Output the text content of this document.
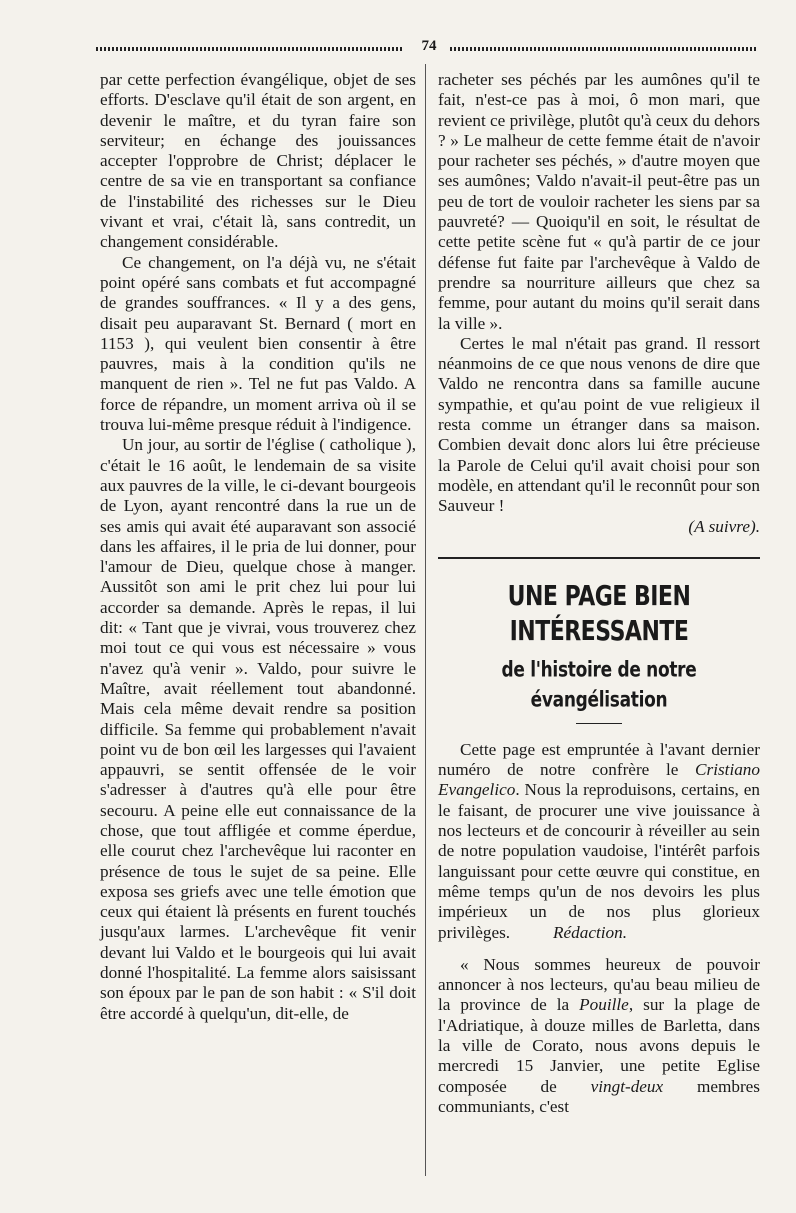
74

par cette perfection évangélique, objet de ses efforts. D'esclave qu'il était de son argent, en devenir le maître, et du tyran faire son serviteur; en échange des jouissances accepter l'opprobre de Christ; déplacer le centre de sa vie en transportant sa confiance de l'instabilité des richesses sur le Dieu vivant et vrai, c'était là, sans contredit, un changement considérable.

Ce changement, on l'a déjà vu, ne s'était point opéré sans combats et fut accompagné de grandes souffrances. « Il y a des gens, disait peu auparavant St. Bernard ( mort en 1153 ), qui veulent bien consentir à être pauvres, mais à la condition qu'ils ne manquent de rien ». Tel ne fut pas Valdo. A force de répandre, un moment arriva où il se trouva lui-même presque réduit à l'indigence.

Un jour, au sortir de l'église ( catholique ), c'était le 16 août, le lendemain de sa visite aux pauvres de la ville, le ci-devant bourgeois de Lyon, ayant rencontré dans la rue un de ses amis qui avait été auparavant son associé dans les affaires, il le pria de lui donner, pour l'amour de Dieu, quelque chose à manger. Aussitôt son ami le prit chez lui pour lui accorder sa demande. Après le repas, il lui dit: « Tant que je vivrai, vous trouverez chez moi tout ce qui vous est nécessaire » vous n'avez qu'à venir ». Valdo, pour suivre le Maître, avait réellement tout abandonné. Mais cela même devait rendre sa position difficile. Sa femme qui probablement n'avait point vu de bon œil les largesses qui l'avaient appauvri, se sentit offensée de le voir s'adresser à d'autres qu'à elle pour être secouru. A peine elle eut connaissance de la chose, que tout affligée et comme éperdue, elle courut chez l'archevêque lui raconter en présence de tous le sujet de sa peine. Elle exposa ses griefs avec une telle émotion que ceux qui étaient là présents en furent touchés jusqu'aux larmes. L'archevêque fit venir devant lui Valdo et le bourgeois qui lui avait donné l'hospitalité. La femme alors saisissant son époux par le pan de son habit : « S'il doit être accordé à quelqu'un, dit-elle, de

racheter ses péchés par les aumônes qu'il te fait, n'est-ce pas à moi, ô mon mari, que revient ce privilège, plutôt qu'à ceux du dehors ? » Le malheur de cette femme était de n'avoir pour racheter ses péchés, » d'autre moyen que ses aumônes; Valdo n'avait-il peut-être pas un peu de tort de vouloir racheter les siens par sa pauvreté? — Quoiqu'il en soit, le résultat de cette petite scène fut « qu'à partir de ce jour défense fut faite par l'archevêque à Valdo de prendre sa nourriture ailleurs que chez sa femme, pour autant du moins qu'il serait dans la ville ».

Certes le mal n'était pas grand. Il ressort néanmoins de ce que nous venons de dire que Valdo ne rencontra dans sa famille aucune sympathie, et qu'au point de vue religieux il resta comme un étranger dans sa maison. Combien devait donc alors lui être précieuse la Parole de Celui qu'il avait choisi pour son modèle, en attendant qu'il le reconnût pour son Sauveur !

(A suivre).

UNE PAGE BIEN INTÉRESSANTE
de l'histoire de notre évangélisation

Cette page est empruntée à l'avant dernier numéro de notre confrère le Cristiano Evangelico. Nous la reproduisons, certains, en le faisant, de procurer une vive jouissance à nos lecteurs et de concourir à réveiller au sein de notre population vaudoise, l'intérêt parfois languissant pour cette œuvre qui constitue, en même temps qu'un de nos devoirs les plus impérieux un de nos plus glorieux privilèges. Rédaction.

« Nous sommes heureux de pouvoir annoncer à nos lecteurs, qu'au beau milieu de la province de la Pouille, sur la plage de l'Adriatique, à douze milles de Barletta, dans la ville de Corato, nous avons depuis le mercredi 15 Janvier, une petite Eglise composée de vingt-deux membres communiants, c'est
